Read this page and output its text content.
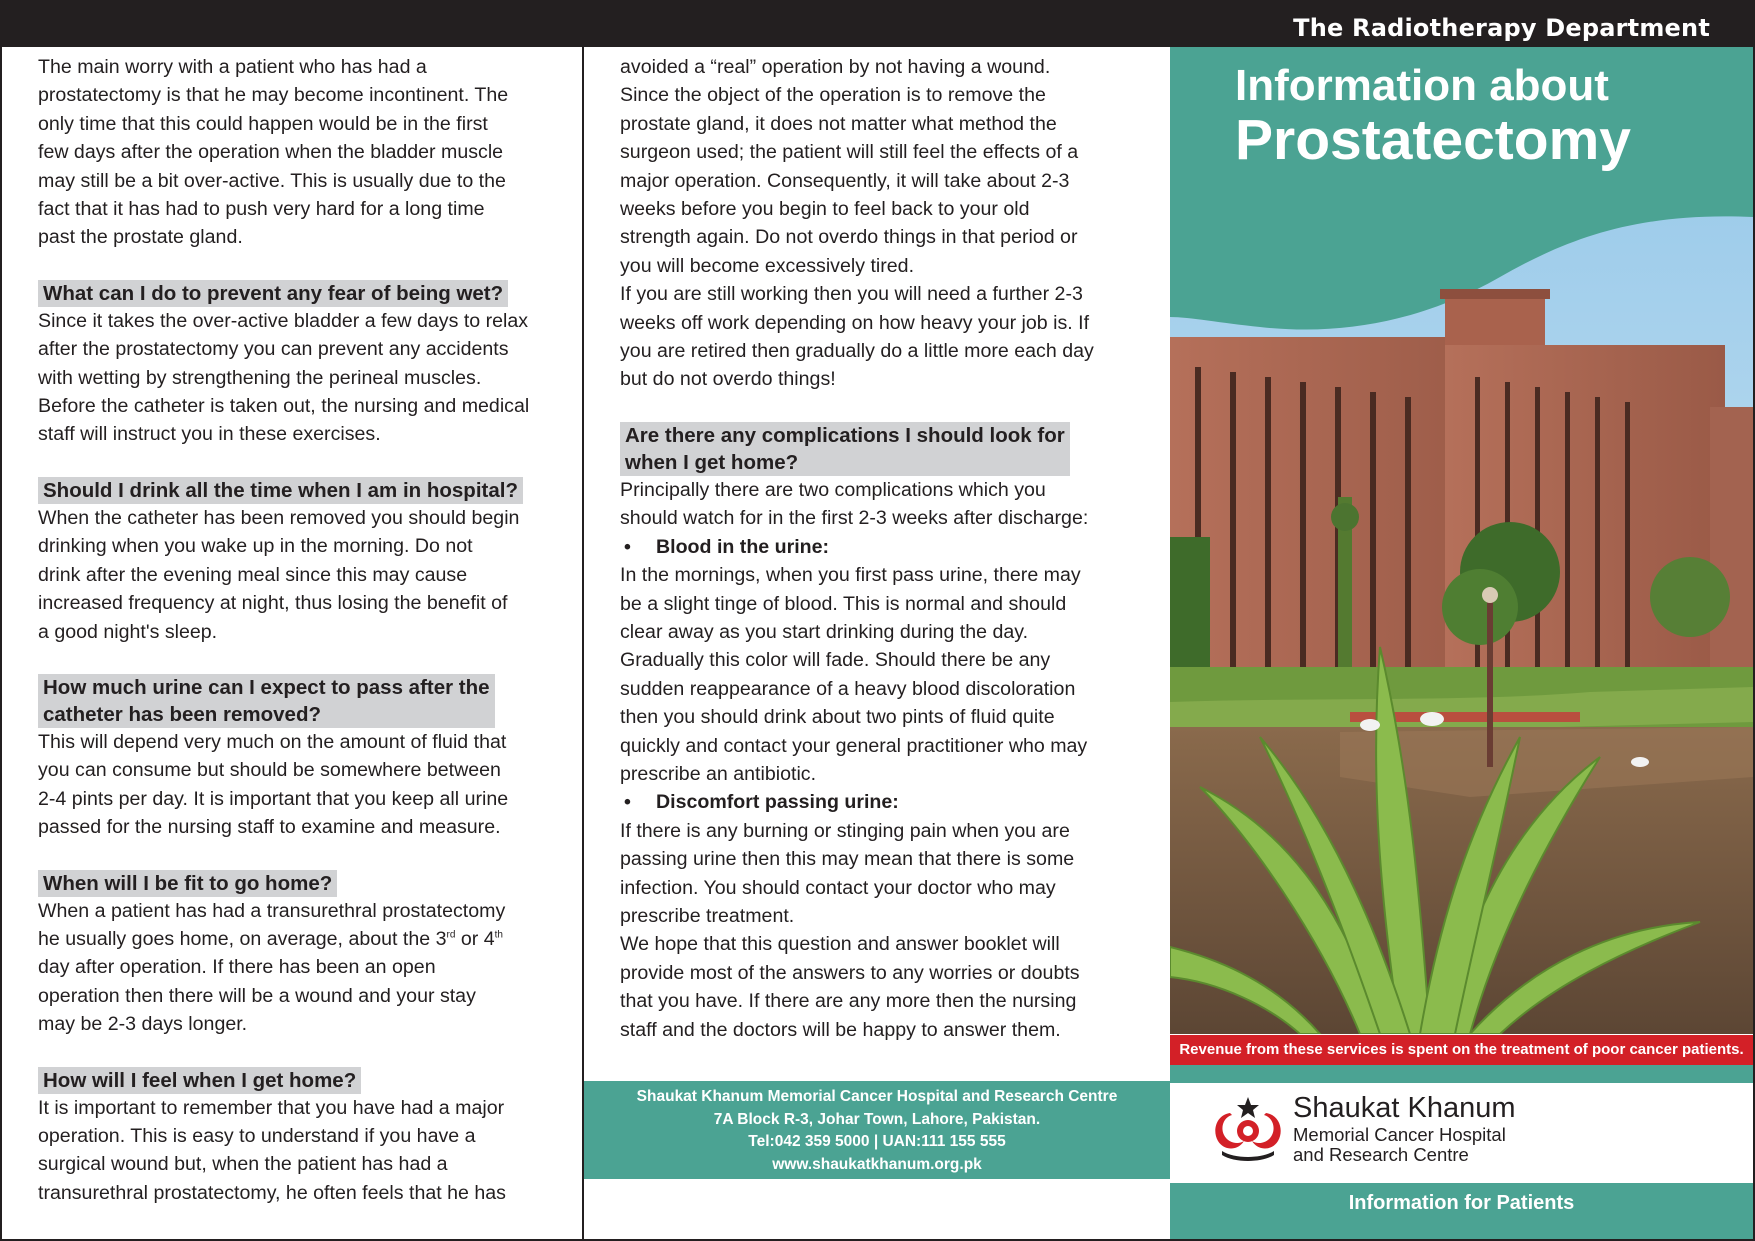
The Radiotherapy Department
The main worry with a patient who has had a
prostatectomy is that he may become incontinent. The
only time that this could happen would be in the first
few days after the operation when the bladder muscle
may still be a bit over-active. This is usually due to the
fact that it has had to push very hard for a long time
past the prostate gland.
What can I do to prevent any fear of being wet?
Since it takes the over-active bladder a few days to relax
after the prostatectomy you can prevent any accidents
with wetting by strengthening the perineal muscles.
Before the catheter is taken out, the nursing and medical
staff will instruct you in these exercises.
Should I drink all the time when I am in hospital?
When the catheter has been removed you should begin
drinking when you wake up in the morning. Do not
drink after the evening meal since this may cause
increased frequency at night, thus losing the benefit of
a good night's sleep.
How much urine can I expect to pass after the
catheter has been removed?
This will depend very much on the amount of fluid that
you can consume but should be somewhere between
2-4 pints per day. It is important that you keep all urine
passed for the nursing staff to examine and measure.
When will I be fit to go home?
When a patient has had a transurethral prostatectomy
he usually goes home, on average, about the 3rd or 4th
day after operation. If there has been an open
operation then there will be a wound and your stay
may be 2-3 days longer.
How will I feel when I get home?
It is important to remember that you have had a major
operation. This is easy to understand if you have a
surgical wound but, when the patient has had a
transurethral prostatectomy, he often feels that he has
avoided a “real” operation by not having a wound.
Since the object of the operation is to remove the
prostate gland, it does not matter what method the
surgeon used; the patient will still feel the effects of a
major operation. Consequently, it will take about 2-3
weeks before you begin to feel back to your old
strength again. Do not overdo things in that period or
you will become excessively tired.
If you are still working then you will need a further 2-3
weeks off work depending on how heavy your job is. If
you are retired then gradually do a little more each day
but do not overdo things!
Are there any complications I should look for
when I get home?
Principally there are two complications which you
should watch for in the first 2-3 weeks after discharge:
•	Blood in the urine:
In the mornings, when you first pass urine, there may
be a slight tinge of blood. This is normal and should
clear away as you start drinking during the day.
Gradually this color will fade. Should there be any
sudden reappearance of a heavy blood discoloration
then you should drink about two pints of fluid quite
quickly and contact your general practitioner who may
prescribe an antibiotic.
•	Discomfort passing urine:
If there is any burning or stinging pain when you are
passing urine then this may mean that there is some
infection. You should contact your doctor who may
prescribe treatment.
We hope that this question and answer booklet will
provide most of the answers to any worries or doubts
that you have. If there are any more then the nursing
staff and the doctors will be happy to answer them.
Shaukat Khanum Memorial Cancer Hospital and Research Centre
7A Block R-3, Johar Town, Lahore, Pakistan.
Tel:042 359 5000 | UAN:111 155 555
www.shaukatkhanum.org.pk
Information about
Prostatectomy
Revenue from these services is spent on the treatment of poor cancer patients.
Shaukat Khanum
Memorial Cancer Hospital
and Research Centre
Information for Patients
